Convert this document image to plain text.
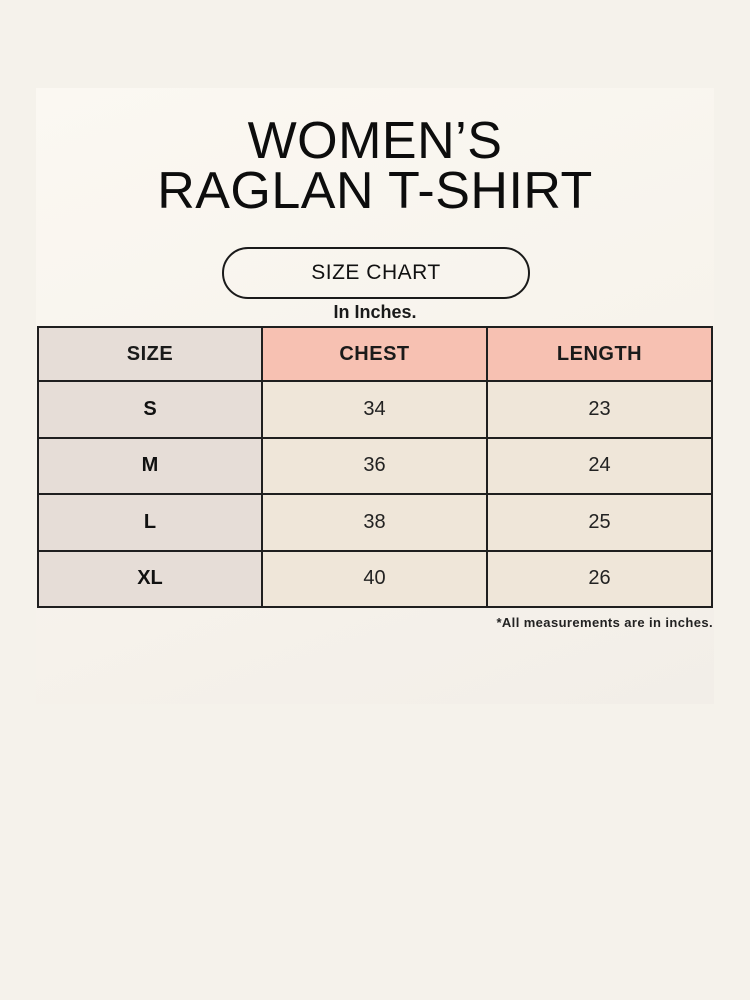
WOMEN’S
RAGLAN T-SHIRT
SIZE CHART
In Inches.
SIZE	CHEST	LENGTH
S	34	23
M	36	24
L	38	25
XL	40	26
*All measurements are in inches.
